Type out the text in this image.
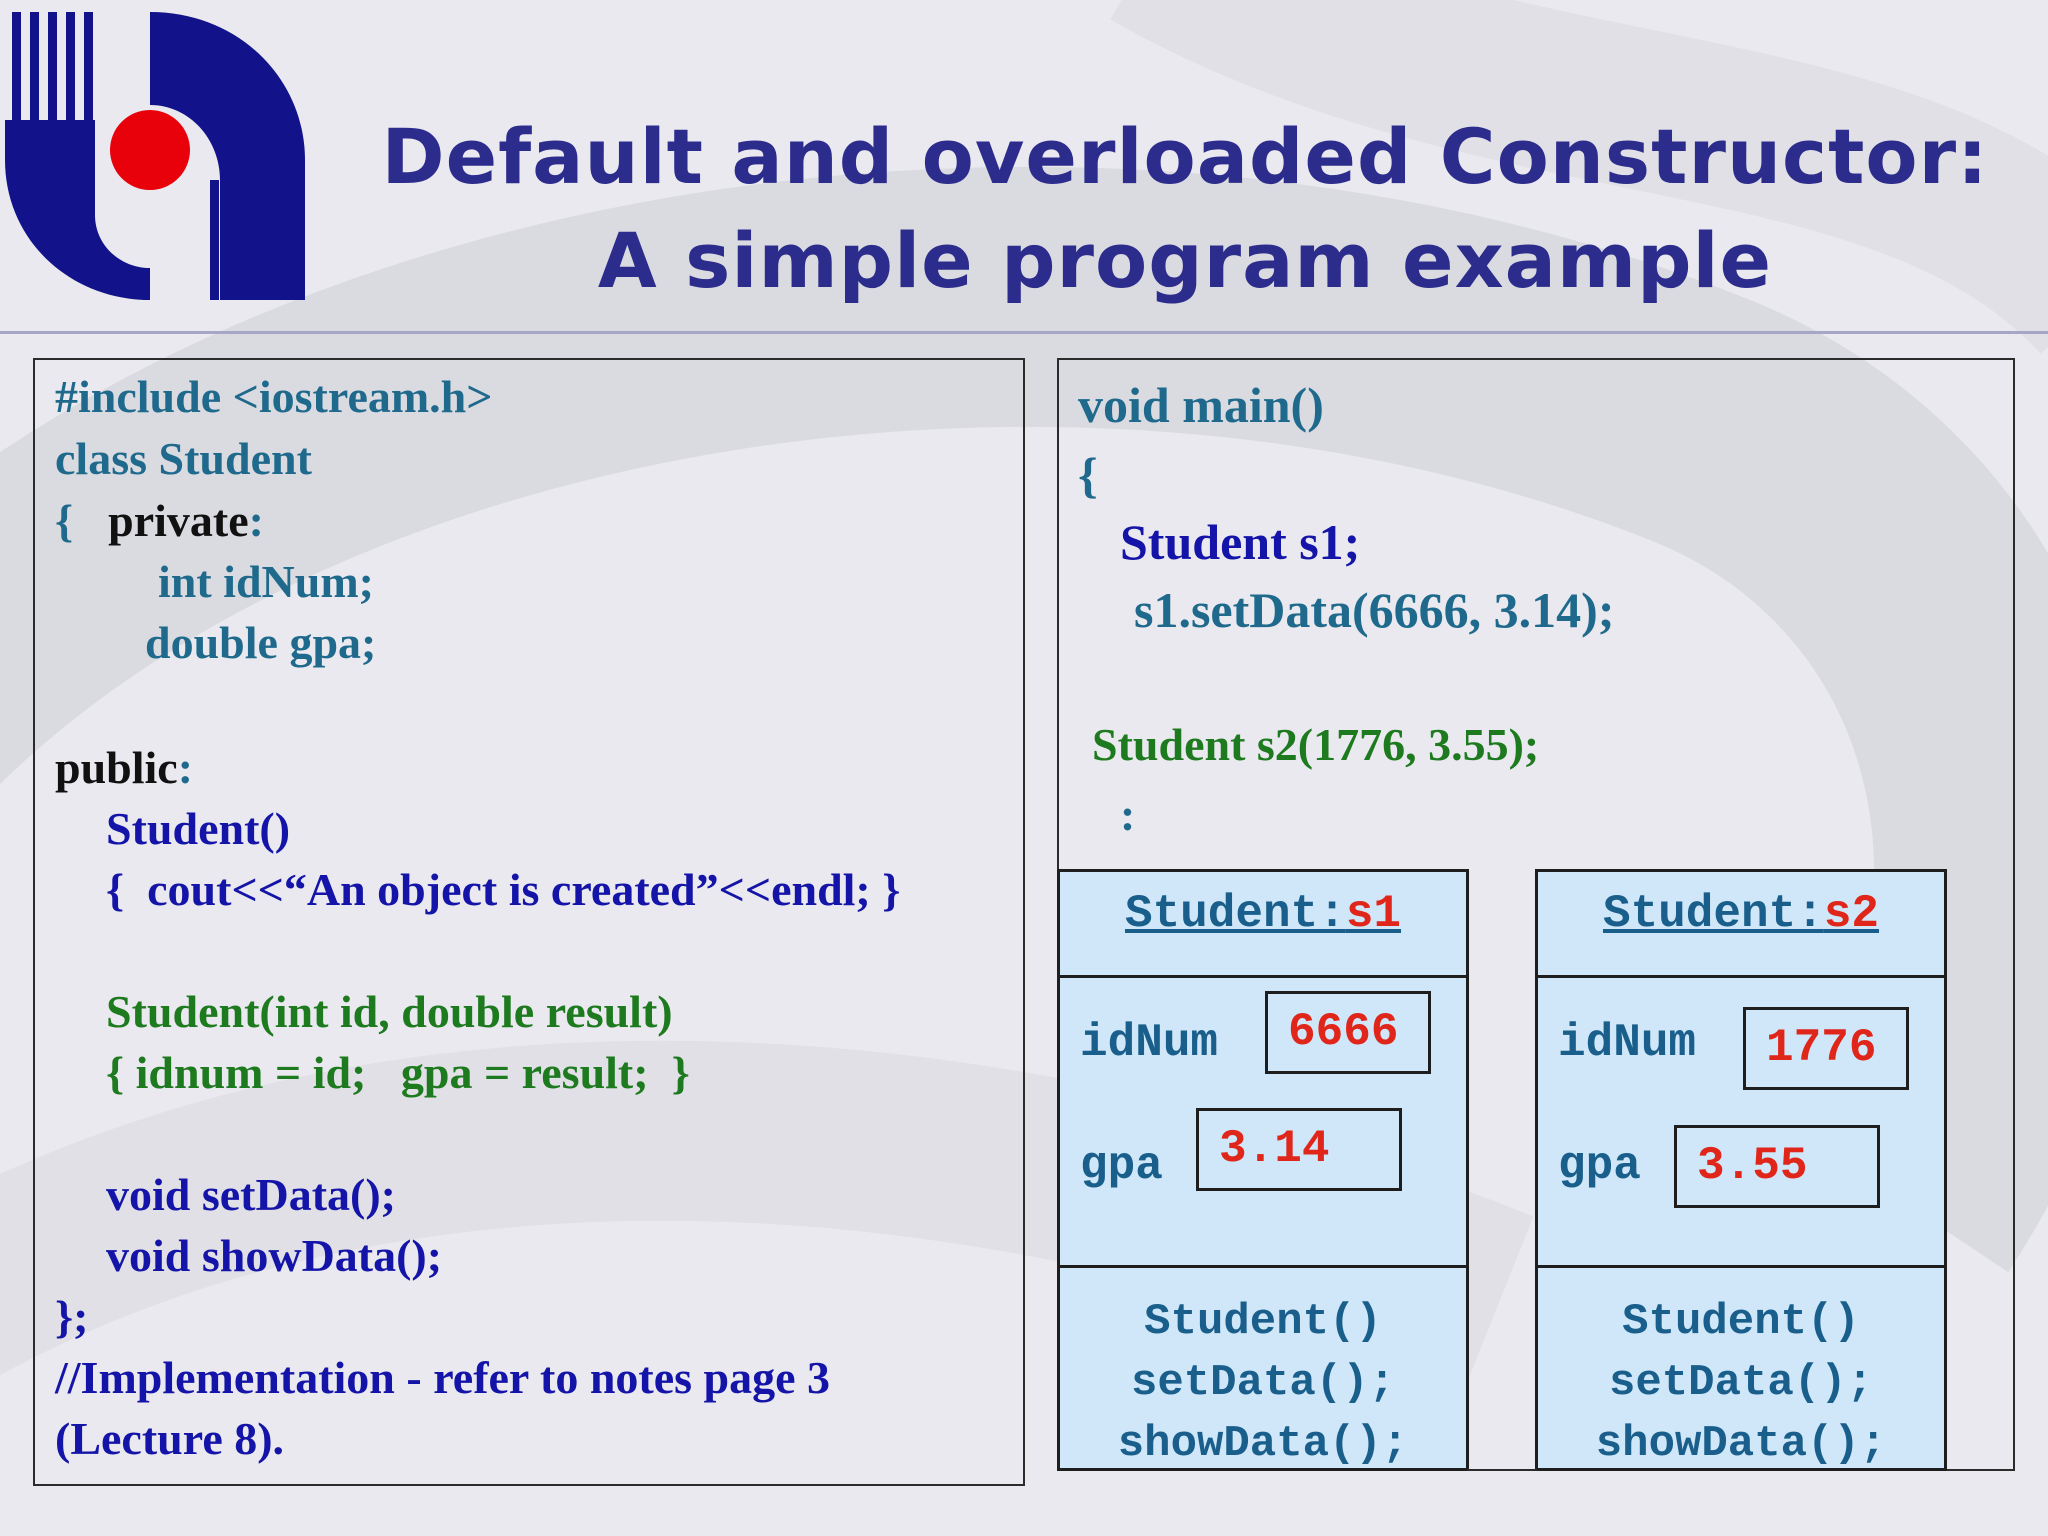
Default and overloaded Constructor:
A simple program example
#include <iostream.h>
class Student
{ private:
int idNum;
double gpa;
public:
Student()
{  cout<<“An object is created”<<endl; }
Student(int id, double result)
{ idnum = id;   gpa = result;  }
void setData();
void showData();
};
//Implementation - refer to notes page 3
(Lecture 8).
void main()
{
Student s1;
s1.setData(6666, 3.14);
Student s2(1776, 3.55);
:
Student:s1
idNum 6666
gpa 3.14
Student()
setData();
showData();
Student:s2
idNum 1776
gpa 3.55
Student()
setData();
showData();
